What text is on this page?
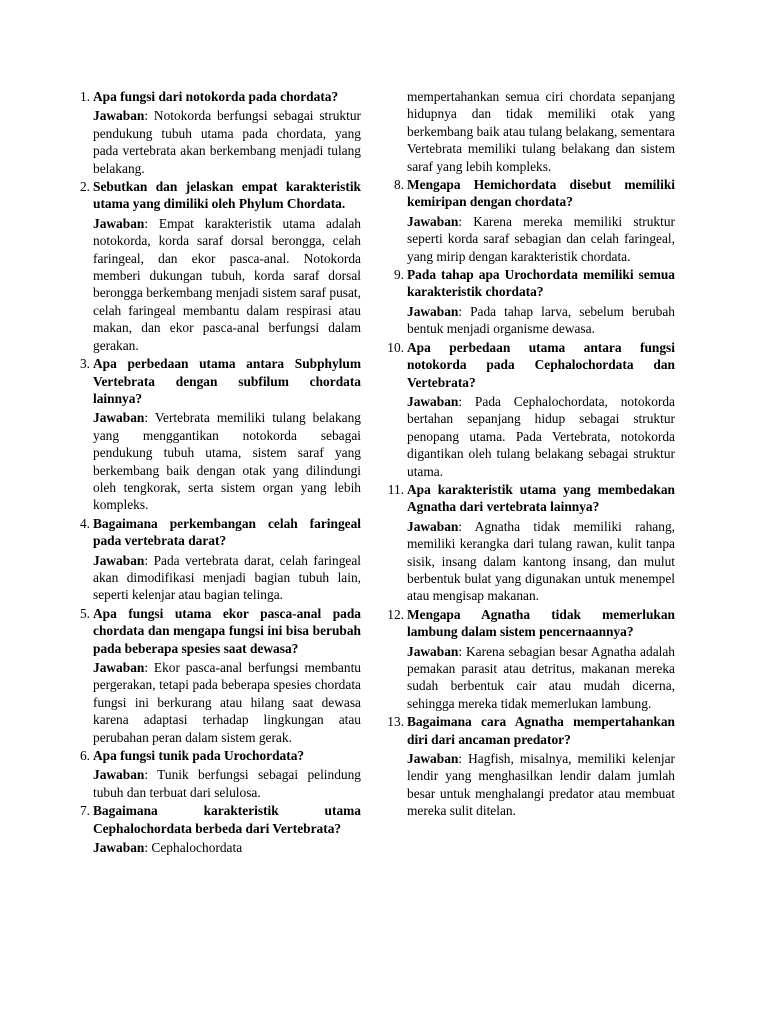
1. Apa fungsi dari notokorda pada chordata?

Jawaban: Notokorda berfungsi sebagai struktur pendukung tubuh utama pada chordata, yang pada vertebrata akan berkembang menjadi tulang belakang.

2. Sebutkan dan jelaskan empat karakteristik utama yang dimiliki oleh Phylum Chordata.

Jawaban: Empat karakteristik utama adalah notokorda, korda saraf dorsal berongga, celah faringeal, dan ekor pasca-anal. Notokorda memberi dukungan tubuh, korda saraf dorsal berongga berkembang menjadi sistem saraf pusat, celah faringeal membantu dalam respirasi atau makan, dan ekor pasca-anal berfungsi dalam gerakan.

3. Apa perbedaan utama antara Subphylum Vertebrata dengan subfilum chordata lainnya?

Jawaban: Vertebrata memiliki tulang belakang yang menggantikan notokorda sebagai pendukung tubuh utama, sistem saraf yang berkembang baik dengan otak yang dilindungi oleh tengkorak, serta sistem organ yang lebih kompleks.

4. Bagaimana perkembangan celah faringeal pada vertebrata darat?

Jawaban: Pada vertebrata darat, celah faringeal akan dimodifikasi menjadi bagian tubuh lain, seperti kelenjar atau bagian telinga.

5. Apa fungsi utama ekor pasca-anal pada chordata dan mengapa fungsi ini bisa berubah pada beberapa spesies saat dewasa?

Jawaban: Ekor pasca-anal berfungsi membantu pergerakan, tetapi pada beberapa spesies chordata fungsi ini berkurang atau hilang saat dewasa karena adaptasi terhadap lingkungan atau perubahan peran dalam sistem gerak.

6. Apa fungsi tunik pada Urochordata?

Jawaban: Tunik berfungsi sebagai pelindung tubuh dan terbuat dari selulosa.

7. Bagaimana karakteristik utama Cephalochordata berbeda dari Vertebrata?

Jawaban: Cephalochordata

mempertahankan semua ciri chordata sepanjang hidupnya dan tidak memiliki otak yang berkembang baik atau tulang belakang, sementara Vertebrata memiliki tulang belakang dan sistem saraf yang lebih kompleks.

8. Mengapa Hemichordata disebut memiliki kemiripan dengan chordata?

Jawaban: Karena mereka memiliki struktur seperti korda saraf sebagian dan celah faringeal, yang mirip dengan karakteristik chordata.

9. Pada tahap apa Urochordata memiliki semua karakteristik chordata?

Jawaban: Pada tahap larva, sebelum berubah bentuk menjadi organisme dewasa.

10. Apa perbedaan utama antara fungsi notokorda pada Cephalochordata dan Vertebrata?

Jawaban: Pada Cephalochordata, notokorda bertahan sepanjang hidup sebagai struktur penopang utama. Pada Vertebrata, notokorda digantikan oleh tulang belakang sebagai struktur utama.

11. Apa karakteristik utama yang membedakan Agnatha dari vertebrata lainnya?

Jawaban: Agnatha tidak memiliki rahang, memiliki kerangka dari tulang rawan, kulit tanpa sisik, insang dalam kantong insang, dan mulut berbentuk bulat yang digunakan untuk menempel atau mengisap makanan.

12. Mengapa Agnatha tidak memerlukan lambung dalam sistem pencernaannya?

Jawaban: Karena sebagian besar Agnatha adalah pemakan parasit atau detritus, makanan mereka sudah berbentuk cair atau mudah dicerna, sehingga mereka tidak memerlukan lambung.

13. Bagaimana cara Agnatha mempertahankan diri dari ancaman predator?

Jawaban: Hagfish, misalnya, memiliki kelenjar lendir yang menghasilkan lendir dalam jumlah besar untuk menghalangi predator atau membuat mereka sulit ditelan.
